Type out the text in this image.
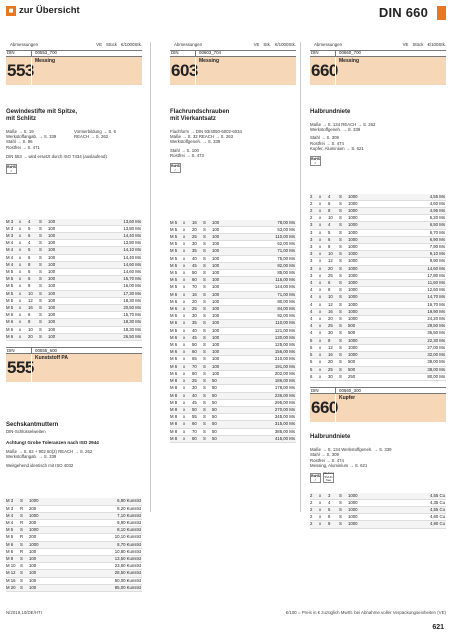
■ zur Übersicht	DIN 660
Abmessungen	VE Stück €/1000Stk.
DIN	00553_700
553 Messing
Gewindestifte mit Spitze,
mit Schlitz
Maße → S. 19	Vormerbildung → S. 6
Werkstoffangab. → S. 339	REACH → S. 262
Stahl → S. 96
Rostfrei → S. 471
DIN 553 → wird ersetzt durch ISO 7434 (auslaufend)
RoHS
✓
M 3	x	4	S	100	13,60 Ms
M 3	x	5	S	100	13,80 Ms
M 3	x	6	S	100	14,40 Ms
M 4	x	4	S	100	13,80 Ms
M 4	x	5	S	100	14,10 Ms
M 4	x	6	S	100	14,40 Ms
M 4	x	8	S	100	14,60 Ms
M 5	x	5	S	100	14,60 Ms
M 5	x	6	S	100	15,70 Ms
M 5	x	8	S	100	16,00 Ms
M 5	x	10	S	100	17,30 Ms
M 5	x	12	S	100	18,30 Ms
M 5	x	16	S	100	20,50 Ms
M 6	x	6	S	100	15,70 Ms
M 6	x	8	S	100	18,30 Ms
M 6	x	10	S	100	18,30 Ms
M 6	x	20	S	100	26,50 Ms
DIN	00555_600
555 Kunststoff PA
Sechskantmuttern
DIN-Schlüsselweiten
Achtung! Grobe Toleranzen nach ISO 2944
Maße → S. 62 + 902 60(2) REACH → S. 262
Werkstoffangab. → S. 339
Weitgehend identisch mit ISO 4032
M 3	S	1000	6,90 Kunstst
M 3	R	200	8,20 Kunstst
M 4	S	1000	7,10 Kunstst
M 4	R	200	9,90 Kunstst
M 5	S	1000	8,10 Kunstst
M 5	R	200	10,10 Kunstst
M 6	S	1000	8,70 Kunstst
M 6	R	100	10,80 Kunstst
M 8	S	100	13,50 Kunstst
M 10	S	100	23,60 Kunstst
M 12	S	100	28,50 Kunstst
M 16	S	100	50,00 Kunstst
M 20	S	100	85,00 Kunstst
Abmessungen	VE Stk. €/1000Stk.
DIN	00603_704
603 Messing
Flachrundschrauben
mit Vierkantsatz
Flachform → DIN 93/4050-6002-6034
Maße → S. 32 REACH → S. 263
Werkstoffgeneh. → S. 339
Stahl → S. 100
Rostfrei → S. 473
RoHS
✓
M 5	x	16	S	100	78,00 Ms
M 5	x	20	S	100	53,00 Ms
M 5	x	25	S	100	110,00 Ms
M 5	x	30	S	100	62,00 Ms
M 5	x	35	S	100	71,00 Ms
M 5	x	40	S	100	75,00 Ms
M 5	x	45	S	100	82,00 Ms
M 5	x	50	S	100	85,00 Ms
M 5	x	60	S	100	116,00 Ms
M 5	x	70	S	100	144,00 Ms
M 6	x	16	S	100	71,00 Ms
M 6	x	20	S	100	80,00 Ms
M 6	x	25	S	100	84,00 Ms
M 6	x	30	S	100	92,00 Ms
M 6	x	35	S	100	110,00 Ms
M 6	x	40	S	100	121,00 Ms
M 6	x	45	S	100	130,00 Ms
M 6	x	50	S	100	125,00 Ms
M 6	x	60	S	100	156,00 Ms
M 6	x	65	S	100	210,00 Ms
M 6	x	70	S	100	191,00 Ms
M 6	x	80	S	100	202,00 Ms
M 8	x	25	S	50	186,00 Ms
M 8	x	30	S	50	178,00 Ms
M 8	x	40	S	50	236,00 Ms
M 8	x	45	S	50	295,00 Ms
M 8	x	50	S	50	270,00 Ms
M 8	x	55	S	50	345,00 Ms
M 8	x	60	S	50	315,00 Ms
M 8	x	70	S	50	385,00 Ms
M 8	x	80	S	50	415,00 Ms
Abmessungen	VE Stück €/100Stk.
DIN	00660_700
660 Messing
Halbrundniete
Maße → S. 134 REACH → S. 262
Werkstoffgeneh. → S. 339
Stahl → S. 309
Rostfrei → S. 474
Kupfer, Aluminium → S. 621
RoHS
✓
2	x	4	S	1000	4,55 Ms
2	x	6	S	1000	4,60 Ms
2	x	8	S	1000	4,95 Ms
2	x	10	S	1000	5,20 Ms
3	x	4	S	1000	6,50 Ms
3	x	5	S	1000	6,70 Ms
3	x	6	S	1000	6,90 Ms
3	x	8	S	1000	7,90 Ms
3	x	10	S	1000	9,10 Ms
3	x	12	S	1000	9,90 Ms
3	x	20	S	1000	14,60 Ms
3	x	25	S	1000	17,80 Ms
4	x	6	S	1000	11,60 Ms
4	x	8	S	1000	12,60 Ms
4	x	10	S	1000	14,70 Ms
4	x	12	S	1000	16,70 Ms
4	x	16	S	1000	19,90 Ms
4	x	20	S	1000	24,20 Ms
4	x	25	S	500	29,50 Ms
4	x	30	S	500	36,50 Ms
5	x	8	S	1000	22,30 Ms
5	x	12	S	1000	27,00 Ms
5	x	16	S	1000	32,00 Ms
5	x	20	S	500	39,00 Ms
5	x	25	S	500	38,00 Ms
6	x	30	S	250	80,00 Ms
DIN	00660_300
660 Kupfer
Halbrundniete
Maße → S. 134 Werkstoffgeneh. → S. 339
Stahl → S. 309
Rostfrei → S. 474
Messing, Aluminium → S. 621
RoHS
✓
REACH SVHC free
2	x	3	S	1000	4,55 Cu
2	x	4	S	1000	4,35 Cu
2	x	5	S	1000	4,55 Cu
2	x	6	S	1000	4,60 Cu
2	x	8	S	1000	4,90 Cu
N/2019,10/DE/HTI	€/100 = Preis in € zuzüglich MwSt. bei Abnahme voller Verpackungseinheiten (VE)
621
